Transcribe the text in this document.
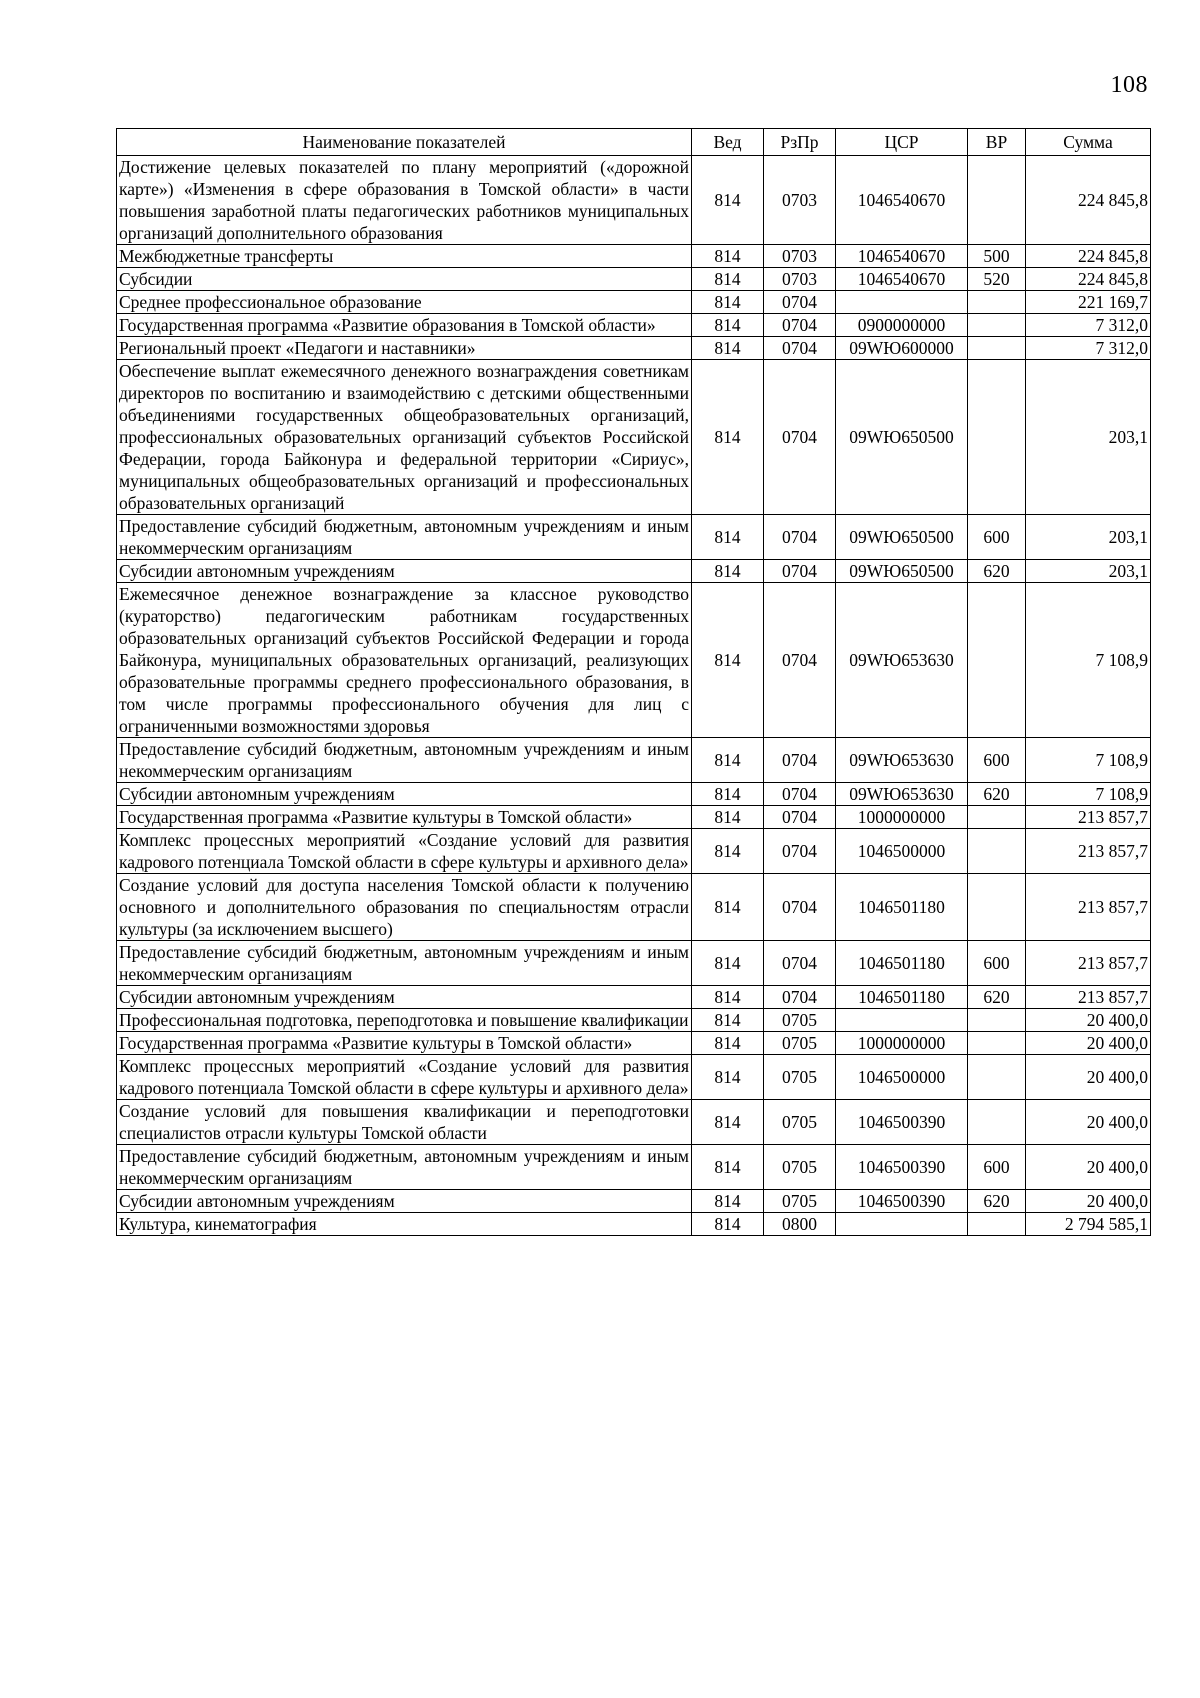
108
Наименование показателей	Вед	РзПр	ЦСР	ВР	Сумма
Достижение целевых показателей по плану мероприятий («дорожной карте») «Изменения в сфере образования в Томской области» в части повышения заработной платы педагогических работников муниципальных организаций дополнительного образования	814	0703	1046540670		224 845,8
Межбюджетные трансферты	814	0703	1046540670	500	224 845,8
Субсидии	814	0703	1046540670	520	224 845,8
Среднее профессиональное образование	814	0704			221 169,7
Государственная программа «Развитие образования в Томской области»	814	0704	0900000000		7 312,0
Региональный проект «Педагоги и наставники»	814	0704	09WЮ600000		7 312,0
Обеспечение выплат ежемесячного денежного вознаграждения советникам директоров по воспитанию и взаимодействию с детскими общественными объединениями государственных общеобразовательных организаций, профессиональных образовательных организаций субъектов Российской Федерации, города Байконура и федеральной территории «Сириус», муниципальных общеобразовательных организаций и профессиональных образовательных организаций	814	0704	09WЮ650500		203,1
Предоставление субсидий бюджетным, автономным учреждениям и иным некоммерческим организациям	814	0704	09WЮ650500	600	203,1
Субсидии автономным учреждениям	814	0704	09WЮ650500	620	203,1
Ежемесячное денежное вознаграждение за классное руководство (кураторство) педагогическим работникам государственных образовательных организаций субъектов Российской Федерации и города Байконура, муниципальных образовательных организаций, реализующих образовательные программы среднего профессионального образования, в том числе программы профессионального обучения для лиц с ограниченными возможностями здоровья	814	0704	09WЮ653630		7 108,9
Предоставление субсидий бюджетным, автономным учреждениям и иным некоммерческим организациям	814	0704	09WЮ653630	600	7 108,9
Субсидии автономным учреждениям	814	0704	09WЮ653630	620	7 108,9
Государственная программа «Развитие культуры в Томской области»	814	0704	1000000000		213 857,7
Комплекс процессных мероприятий «Создание условий для развития кадрового потенциала Томской области в сфере культуры и архивного дела»	814	0704	1046500000		213 857,7
Создание условий для доступа населения Томской области к получению основного и дополнительного образования по специальностям отрасли культуры (за исключением высшего)	814	0704	1046501180		213 857,7
Предоставление субсидий бюджетным, автономным учреждениям и иным некоммерческим организациям	814	0704	1046501180	600	213 857,7
Субсидии автономным учреждениям	814	0704	1046501180	620	213 857,7
Профессиональная подготовка, переподготовка и повышение квалификации	814	0705			20 400,0
Государственная программа «Развитие культуры в Томской области»	814	0705	1000000000		20 400,0
Комплекс процессных мероприятий «Создание условий для развития кадрового потенциала Томской области в сфере культуры и архивного дела»	814	0705	1046500000		20 400,0
Создание условий для повышения квалификации и переподготовки специалистов отрасли культуры Томской области	814	0705	1046500390		20 400,0
Предоставление субсидий бюджетным, автономным учреждениям и иным некоммерческим организациям	814	0705	1046500390	600	20 400,0
Субсидии автономным учреждениям	814	0705	1046500390	620	20 400,0
Культура, кинематография	814	0800			2 794 585,1
